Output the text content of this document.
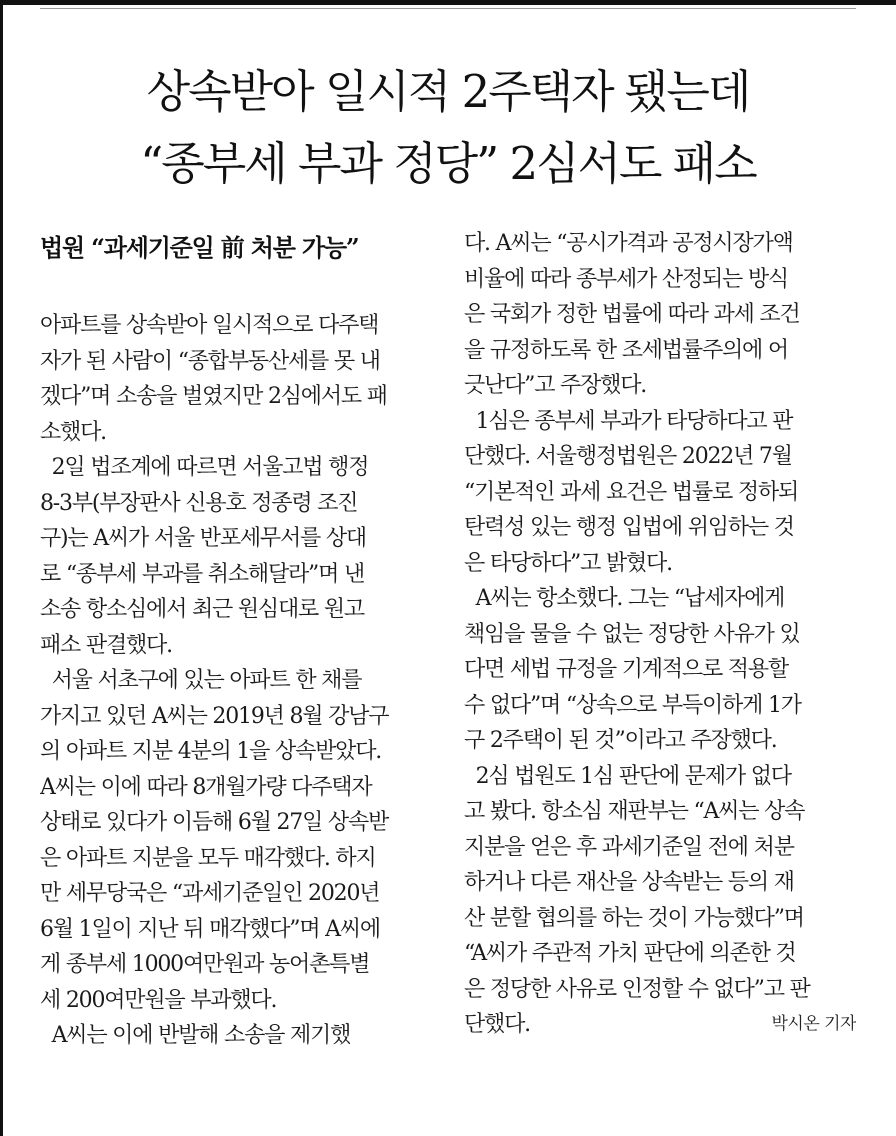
상속받아 일시적 2주택자 됐는데
“종부세 부과 정당” 2심서도 패소
법원 “과세기준일 前 처분 가능”
아파트를 상속받아 일시적으로 다주택
자가 된 사람이 “종합부동산세를 못 내
겠다”며 소송을 벌였지만 2심에서도 패
소했다.
2일 법조계에 따르면 서울고법 행정
8-3부(부장판사 신용호 정종령 조진
구)는 A씨가 서울 반포세무서를 상대
로 “종부세 부과를 취소해달라”며 낸
소송 항소심에서 최근 원심대로 원고
패소 판결했다.
서울 서초구에 있는 아파트 한 채를
가지고 있던 A씨는 2019년 8월 강남구
의 아파트 지분 4분의 1을 상속받았다.
A씨는 이에 따라 8개월가량 다주택자
상태로 있다가 이듬해 6월 27일 상속받
은 아파트 지분을 모두 매각했다. 하지
만 세무당국은 “과세기준일인 2020년
6월 1일이 지난 뒤 매각했다”며 A씨에
게 종부세 1000여만원과 농어촌특별
세 200여만원을 부과했다.
A씨는 이에 반발해 소송을 제기했
다. A씨는 “공시가격과 공정시장가액
비율에 따라 종부세가 산정되는 방식
은 국회가 정한 법률에 따라 과세 조건
을 규정하도록 한 조세법률주의에 어
긋난다”고 주장했다.
1심은 종부세 부과가 타당하다고 판
단했다. 서울행정법원은 2022년 7월
“기본적인 과세 요건은 법률로 정하되
탄력성 있는 행정 입법에 위임하는 것
은 타당하다”고 밝혔다.
A씨는 항소했다. 그는 “납세자에게
책임을 물을 수 없는 정당한 사유가 있
다면 세법 규정을 기계적으로 적용할
수 없다”며 “상속으로 부득이하게 1가
구 2주택이 된 것”이라고 주장했다.
2심 법원도 1심 판단에 문제가 없다
고 봤다. 항소심 재판부는 “A씨는 상속
지분을 얻은 후 과세기준일 전에 처분
하거나 다른 재산을 상속받는 등의 재
산 분할 협의를 하는 것이 가능했다”며
“A씨가 주관적 가치 판단에 의존한 것
은 정당한 사유로 인정할 수 없다”고 판
단했다.	박시온 기자
